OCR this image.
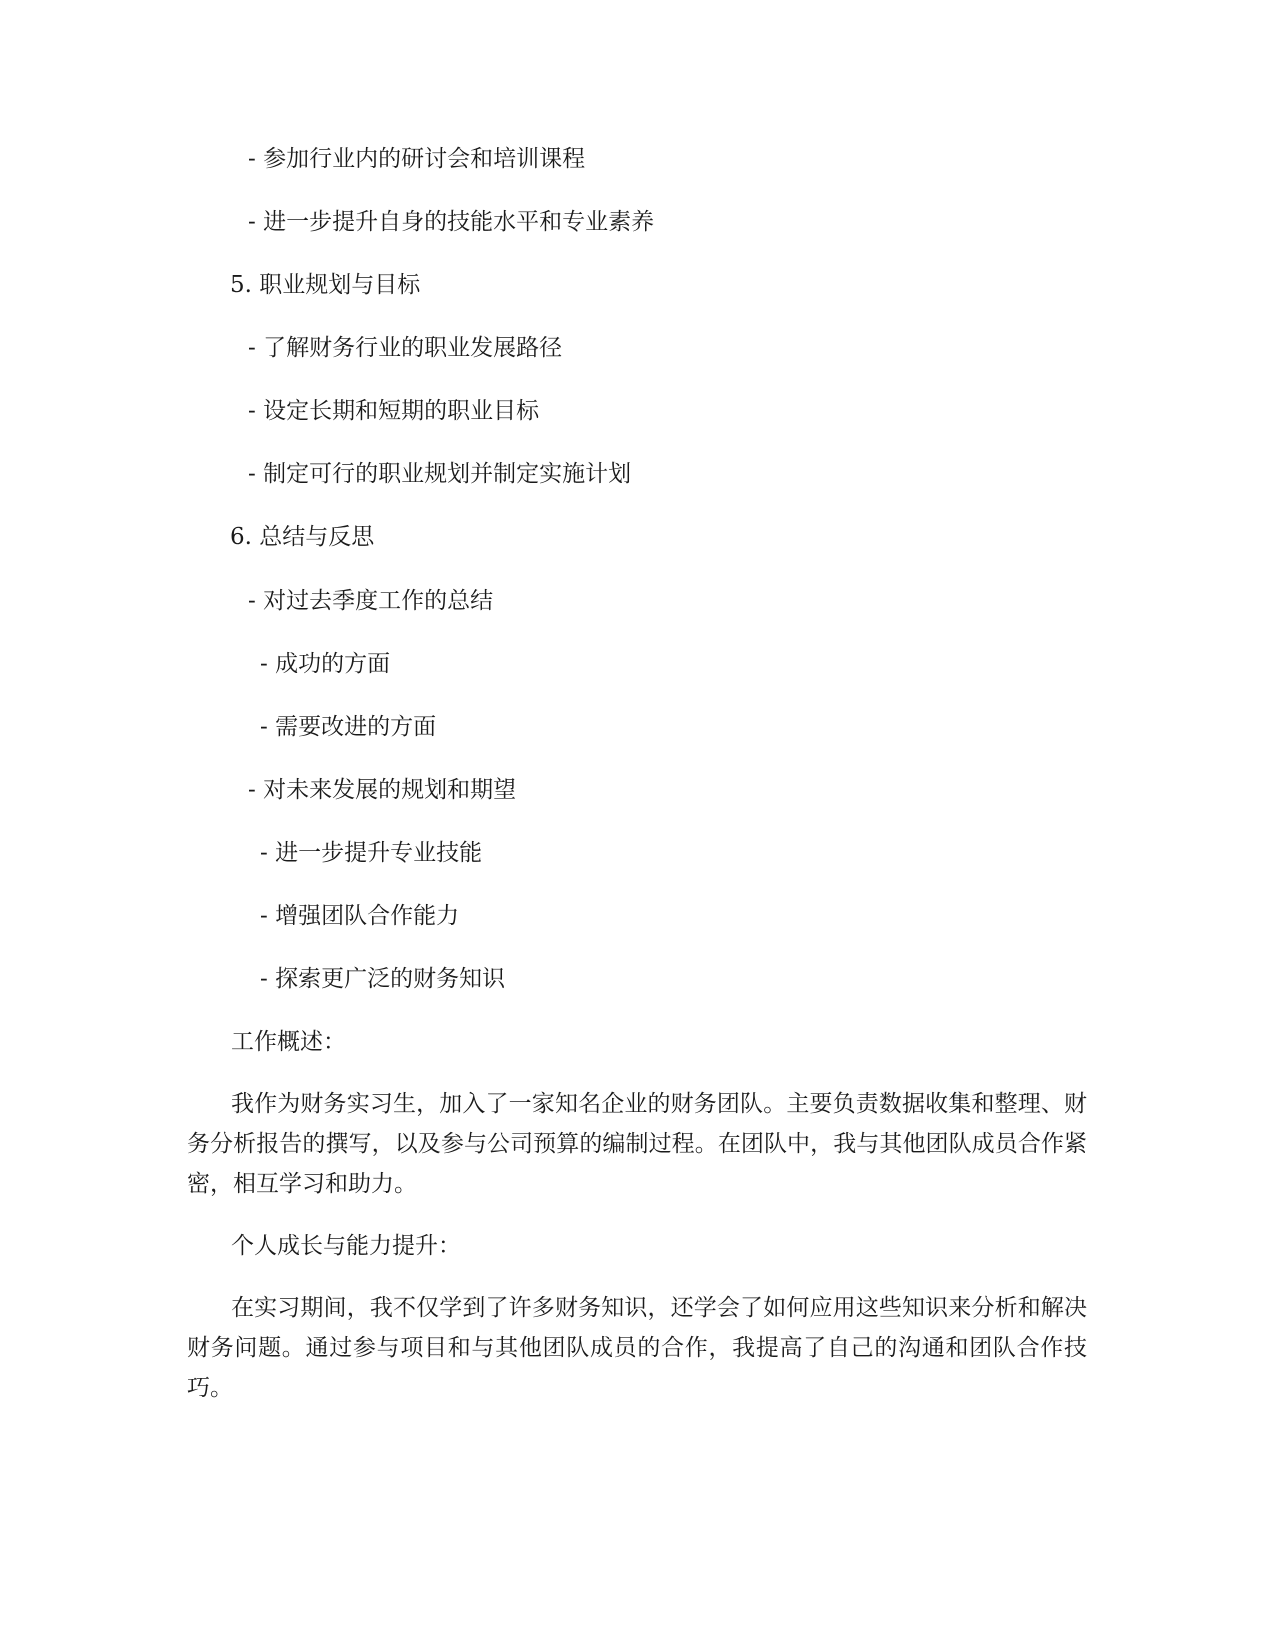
- 参加行业内的研讨会和培训课程
- 进一步提升自身的技能水平和专业素养
5. 职业规划与目标
- 了解财务行业的职业发展路径
- 设定长期和短期的职业目标
- 制定可行的职业规划并制定实施计划
6. 总结与反思
- 对过去季度工作的总结
- 成功的方面
- 需要改进的方面
- 对未来发展的规划和期望
- 进一步提升专业技能
- 增强团队合作能力
- 探索更广泛的财务知识
工作概述：

我作为财务实习生，加入了一家知名企业的财务团队。主要负责数据收集和整理、财务分析报告的撰写，以及参与公司预算的编制过程。在团队中，我与其他团队成员合作紧密，相互学习和助力。

个人成长与能力提升：

在实习期间，我不仅学到了许多财务知识，还学会了如何应用这些知识来分析和解决财务问题。通过参与项目和与其他团队成员的合作，我提高了自己的沟通和团队合作技巧。
